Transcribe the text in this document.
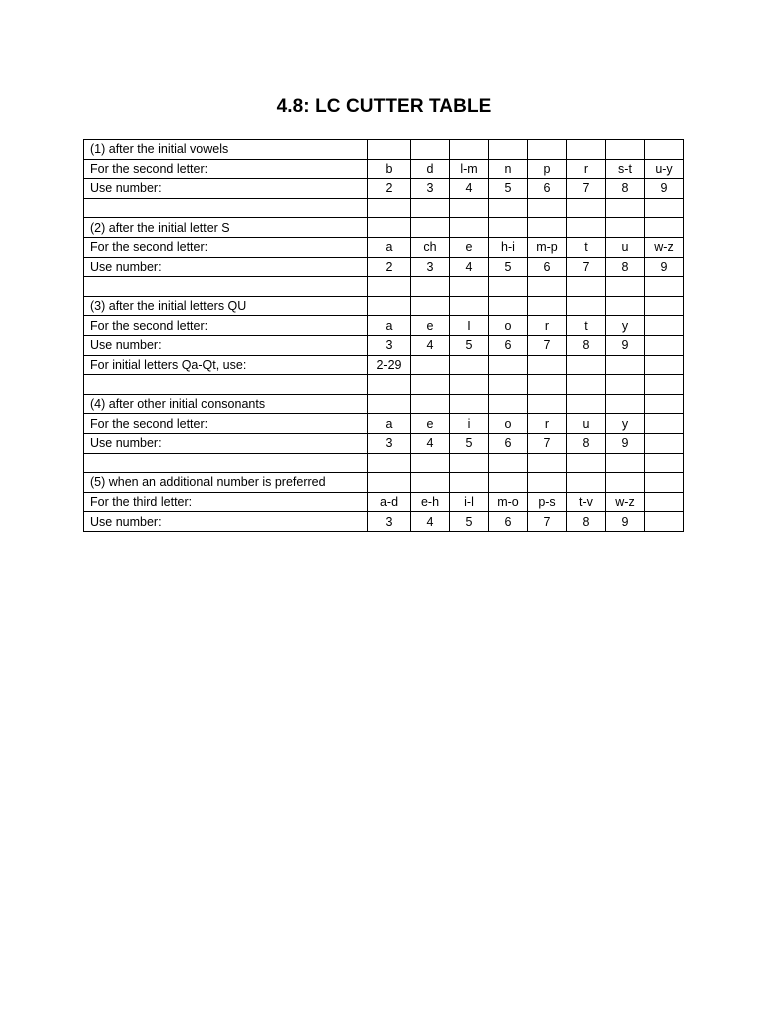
4.8: LC CUTTER TABLE
(1) after the initial vowels								
For the second letter:	b	d	l-m	n	p	r	s-t	u-y
Use number:	2	3	4	5	6	7	8	9

(2) after the initial letter S								
For the second letter:	a	ch	e	h-i	m-p	t	u	w-z
Use number:	2	3	4	5	6	7	8	9

(3) after the initial letters QU								
For the second letter:	a	e	I	o	r	t	y	
Use number:	3	4	5	6	7	8	9	
For initial letters Qa-Qt, use:	2-29							

(4) after other initial consonants								
For the second letter:	a	e	i	o	r	u	y	
Use number:	3	4	5	6	7	8	9	

(5) when an additional number is preferred								
For the third letter:	a-d	e-h	i-l	m-o	p-s	t-v	w-z	
Use number:	3	4	5	6	7	8	9	
